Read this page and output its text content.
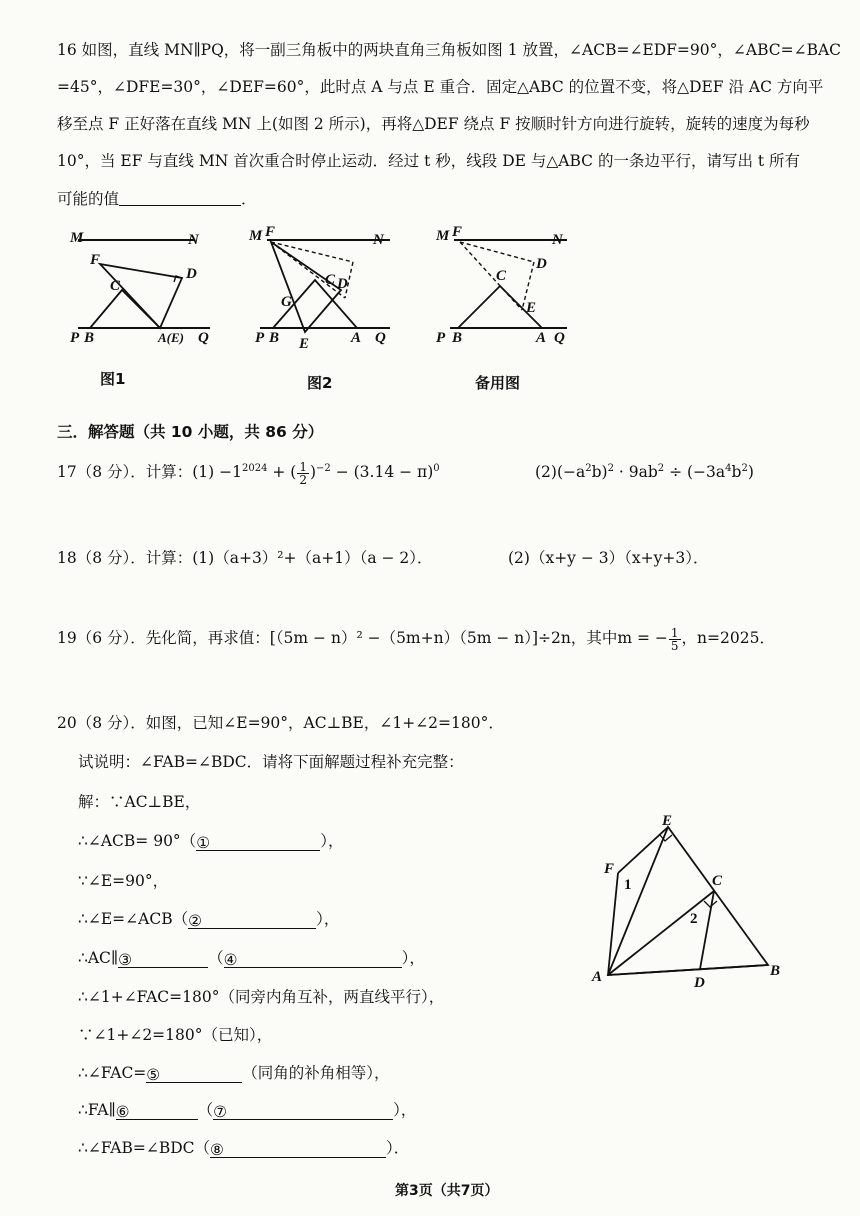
16 如图，直线 MN∥PQ，将一副三角板中的两块直角三角板如图 1 放置，∠ACB=∠EDF=90°，∠ABC=∠BAC
=45°，∠DFE=30°，∠DEF=60°，此时点 A 与点 E 重合．固定△ABC 的位置不变，将△DEF 沿 AC 方向平
移至点 F 正好落在直线 MN 上(如图 2 所示)，再将△DEF 绕点 F 按顺时针方向进行旋转，旋转的速度为每秒
10°，当 EF 与直线 MN 首次重合时停止运动．经过 t 秒，线段 DE 与△ABC 的一条边平行，请写出 t 所有
可能的值	．
M	N
F
D
C
P B	A(E) Q
图1
M F	N
D
C
G
P B E	A Q
图2
M F	N
C
D
E
P B	A Q
备用图
三．解答题（共 10 小题，共 86 分）
17（8 分）．计算：$(1) -1^{2024}$ + ( $\frac{1}{2} )^{-2} - (3.14 - \pi)^0$	$(2)(-a^2b)^2 \cdot 9ab^2 \div (-3a^4b^2)$
18（8 分）．计算：(1)（a+3）²+（a+1）（a − 2）．	(2)（x+y − 3）（x+y+3）．
19（6 分）．先化简，再求值：[（5m − n）² −（5m+n）（5m − n）]÷2n，其中m = − $\frac{1}{5}$ ，n=2025．
20（8 分）．如图，已知∠E=90°，AC⊥BE，∠1+∠2=180°．
试说明：∠FAB=∠BDC．请将下面解题过程补充完整：
解：∵AC⊥BE，
∴∠ACB= 90°（①	），
∵∠E=90°，
∴∠E=∠ACB（②	），
∴AC∥③	（④	），
∴∠1+∠FAC=180°（同旁内角互补，两直线平行），
∵∠1+∠2=180°（已知），
∴∠FAC=⑤	（同角的补角相等），
∴FA∥⑥	（⑦	），
∴∠FAB=∠BDC（⑧	）．
E
F
1	C
2
A	D
B
第3页（共7页）
